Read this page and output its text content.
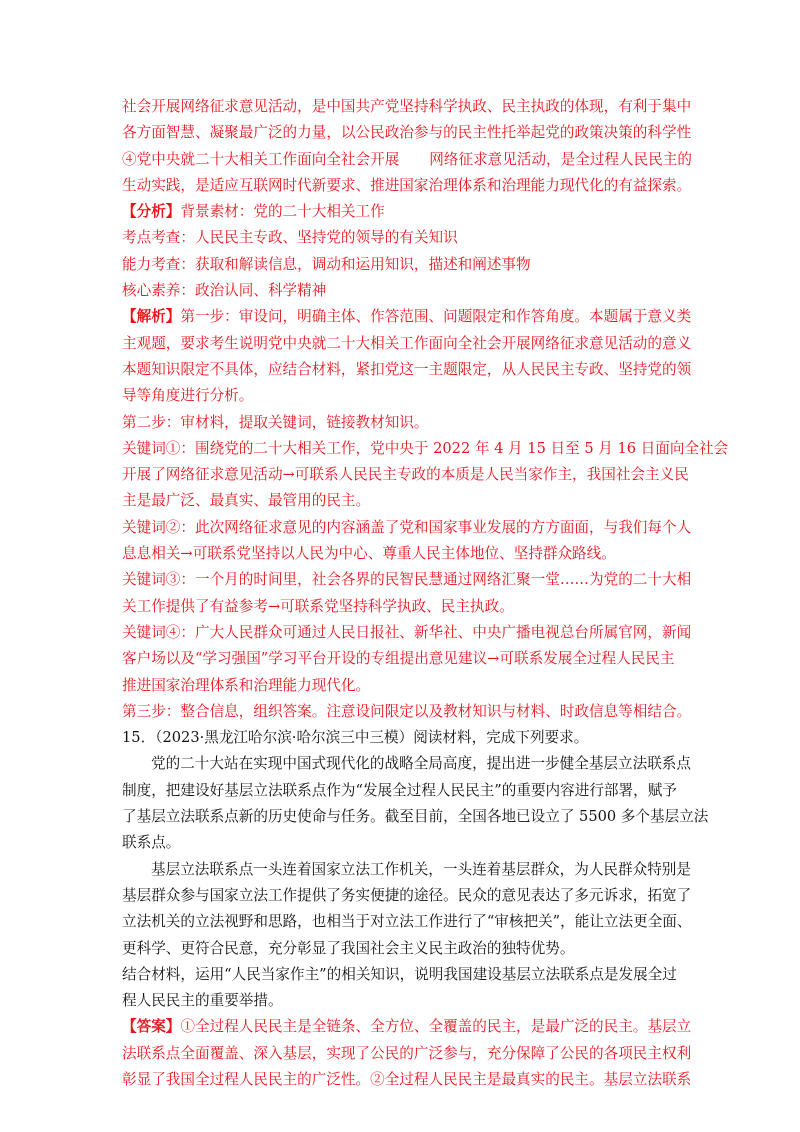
社会开展网络征求意见活动，是中国共产党坚持科学执政、民主执政的体现，有利于集中
各方面智慧、凝聚最广泛的力量，以公民政治参与的民主性托举起党的政策决策的科学性
④党中央就二十大相关工作面向全社会开展 网络征求意见活动，是全过程人民民主的
生动实践，是适应互联网时代新要求、推进国家治理体系和治理能力现代化的有益探索。
【分析】背景素材：党的二十大相关工作
考点考查：人民民主专政、坚持党的领导的有关知识
能力考查：获取和解读信息，调动和运用知识，描述和阐述事物
核心素养：政治认同、科学精神
【解析】第一步：审设问，明确主体、作答范围、问题限定和作答角度。本题属于意义类
主观题，要求考生说明党中央就二十大相关工作面向全社会开展网络征求意见活动的意义
本题知识限定不具体，应结合材料，紧扣党这一主题限定，从人民民主专政、坚持党的领
导等角度进行分析。
第二步：审材料，提取关键词，链接教材知识。
关键词①：围绕党的二十大相关工作，党中央于 2022 年 4 月 15 日至 5 月 16 日面向全社会
开展了网络征求意见活动→可联系人民民主专政的本质是人民当家作主，我国社会主义民
主是最广泛、最真实、最管用的民主。
关键词②：此次网络征求意见的内容涵盖了党和国家事业发展的方方面面，与我们每个人
息息相关→可联系党坚持以人民为中心、尊重人民主体地位、坚持群众路线。
关键词③：一个月的时间里，社会各界的民智民慧通过网络汇聚一堂……为党的二十大相
关工作提供了有益参考→可联系党坚持科学执政、民主执政。
关键词④：广大人民群众可通过人民日报社、新华社、中央广播电视总台所属官网，新闻
客户场以及“学习强国”学习平台开设的专组提出意见建议→可联系发展全过程人民民主
推进国家治理体系和治理能力现代化。
第三步：整合信息，组织答案。注意设问限定以及教材知识与材料、时政信息等相结合。
15．（2023·黑龙江哈尔滨·哈尔滨三中三模）阅读材料，完成下列要求。
党的二十大站在实现中国式现代化的战略全局高度，提出进一步健全基层立法联系点
制度，把建设好基层立法联系点作为“发展全过程人民民主”的重要内容进行部署，赋予
了基层立法联系点新的历史使命与任务。截至目前，全国各地已设立了 5500 多个基层立法
联系点。
基层立法联系点一头连着国家立法工作机关，一头连着基层群众，为人民群众特别是
基层群众参与国家立法工作提供了务实便捷的途径。民众的意见表达了多元诉求，拓宽了
立法机关的立法视野和思路，也相当于对立法工作进行了“审核把关”，能让立法更全面、
更科学、更符合民意，充分彰显了我国社会主义民主政治的独特优势。
结合材料，运用“人民当家作主”的相关知识，说明我国建设基层立法联系点是发展全过
程人民民主的重要举措。
【答案】①全过程人民民主是全链条、全方位、全覆盖的民主，是最广泛的民主。基层立
法联系点全面覆盖、深入基层，实现了公民的广泛参与，充分保障了公民的各项民主权利
彰显了我国全过程人民民主的广泛性。②全过程人民民主是最真实的民主。基层立法联系
